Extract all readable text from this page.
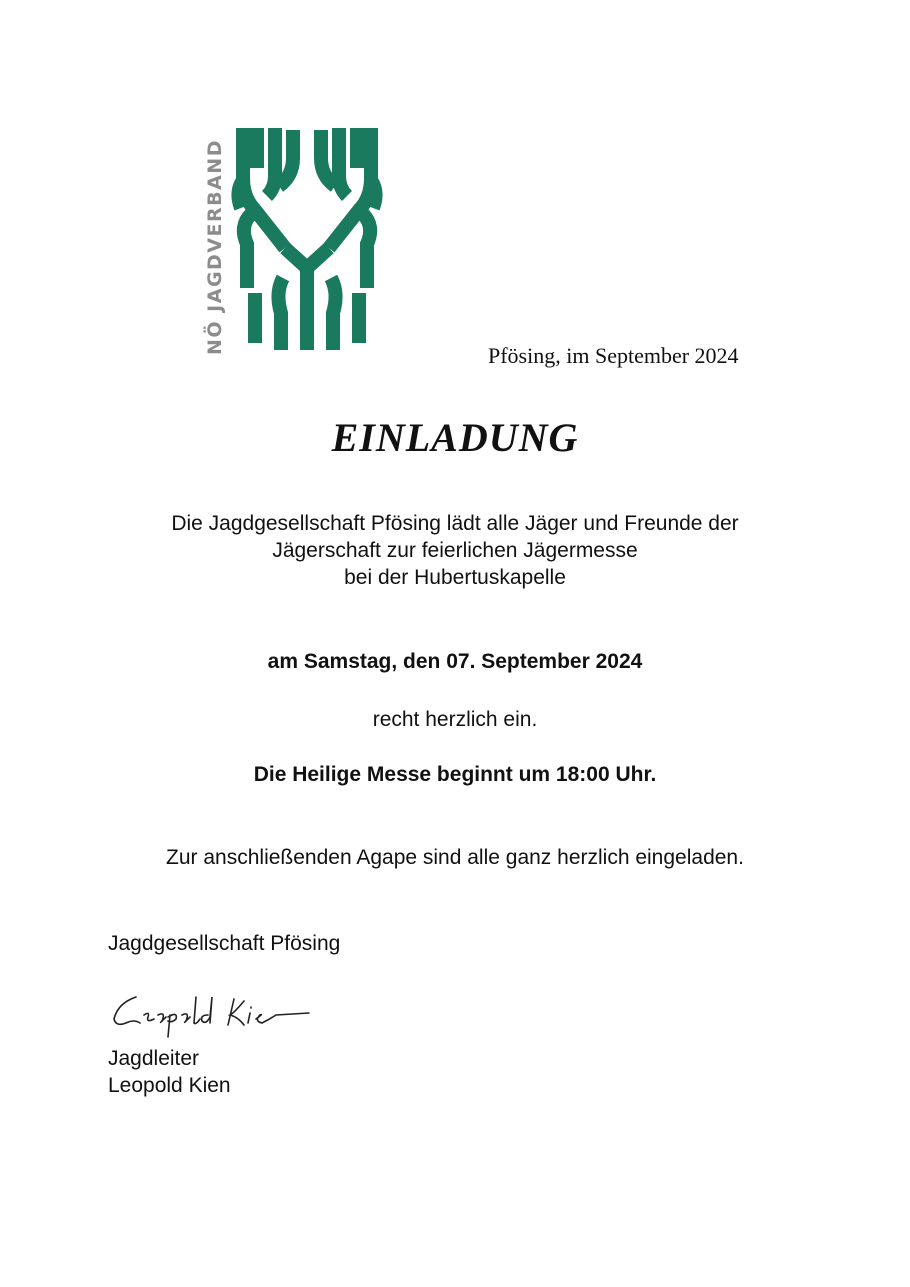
NÖ JAGDVERBAND
Pfösing, im September 2024
EINLADUNG
Die Jagdgesellschaft Pfösing lädt alle Jäger und Freunde der
Jägerschaft zur feierlichen Jägermesse
bei der Hubertuskapelle
am Samstag, den 07. September 2024
recht herzlich ein.
Die Heilige Messe beginnt um 18:00 Uhr.
Zur anschließenden Agape sind alle ganz herzlich eingeladen.
Jagdgesellschaft Pfösing
Jagdleiter
Leopold Kien
